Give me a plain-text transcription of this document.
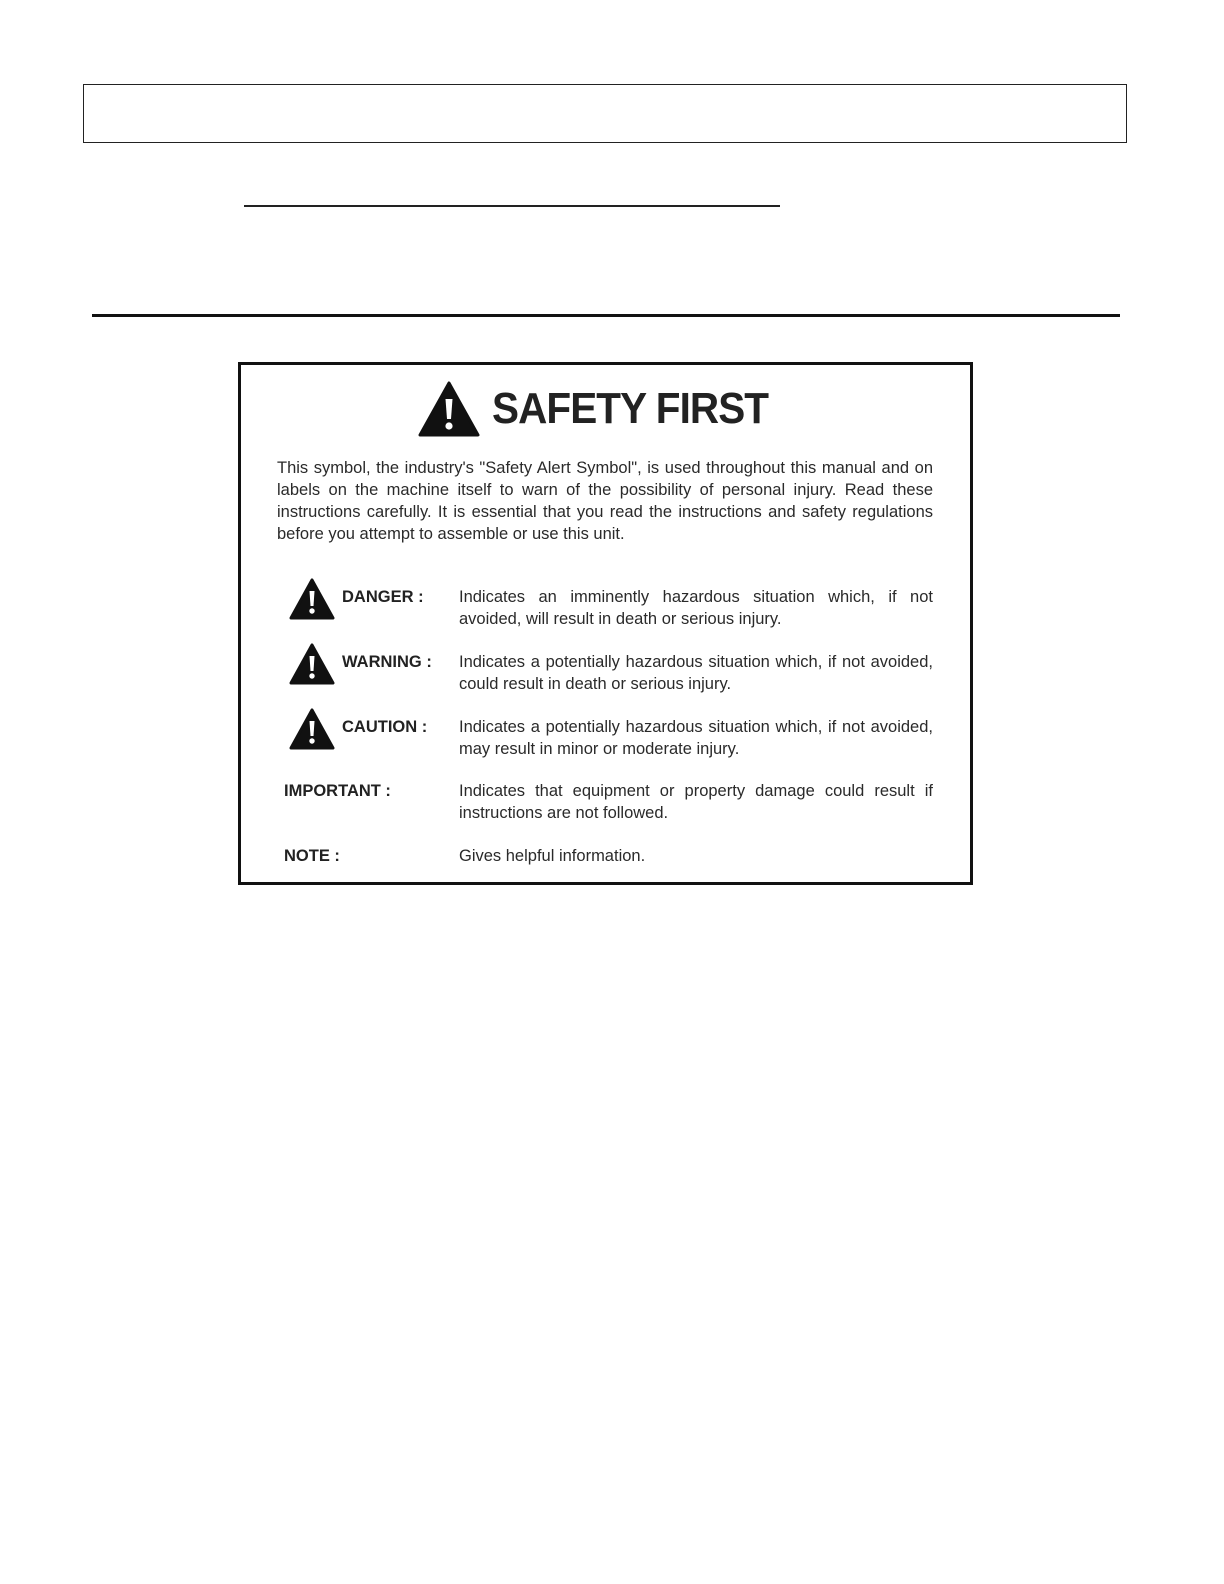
SAFETY FIRST

This symbol, the industry's "Safety Alert Symbol", is used throughout this manual and on labels on the machine itself to warn of the possibility of personal injury. Read these instructions carefully. It is essential that you read the instructions and safety regulations before you attempt to assemble or use this unit.

DANGER : Indicates an imminently hazardous situation which, if not avoided, will result in death or serious injury.

WARNING : Indicates a potentially hazardous situation which, if not avoided, could result in death or serious injury.

CAUTION : Indicates a potentially hazardous situation which, if not avoided, may result in minor or moderate injury.

IMPORTANT :	Indicates that equipment or property damage could result if instructions are not followed.

NOTE :	Gives helpful information.
